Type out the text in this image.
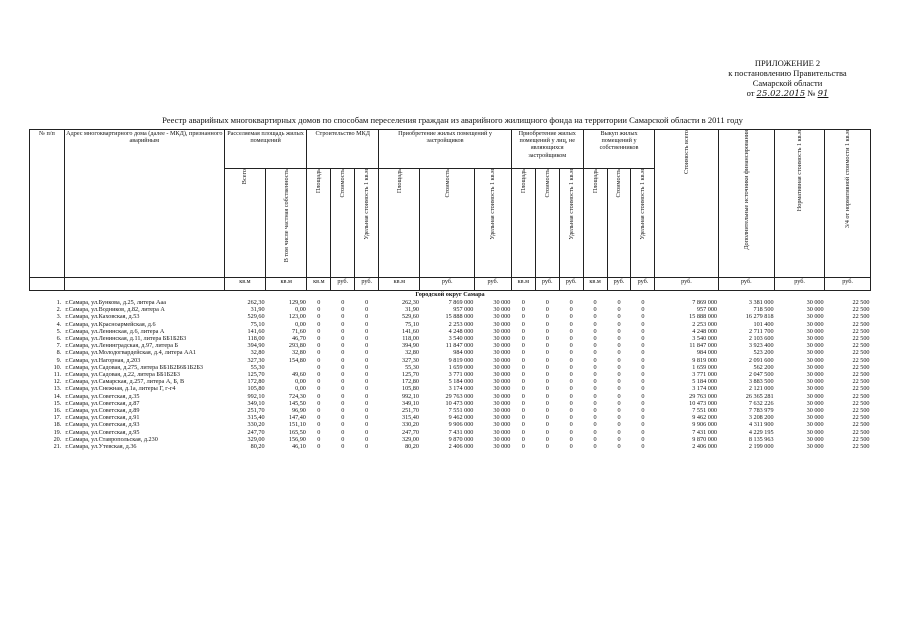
ПРИЛОЖЕНИЕ 2
к постановлению Правительства
Самарской области
от 25.02.2015 № 91
Реестр аварийных многоквартирных домов по способам переселения граждан из аварийного жилищного фонда на территории Самарской области в 2011 году
№ п/п	Адрес многоквартирного дома (далее - МКД), признанного аварийным	Расселяемая площадь жилых помещений		Строительство МКД			Приобретение жилых помещений у застройщиков			Приобретение жилых помещений у лиц, не являющихся застройщиком			Выкуп жилых помещений у собственников			Стоимость всего	Дополнительные источники финансирования	Нормативная стоимость 1 кв.м	3/4 от нормативной стоимости 1 кв.м
		Всего	В том числе частная собственность	Площадь	Стоимость	Удельная стоимость 1 кв.м	Площадь	Стоимость	Удельная стоимость 1 кв.м	Площадь	Стоимость	Удельная стоимость 1 кв.м	Площадь	Стоимость	Удельная стоимость 1 кв.м				
		кв.м	кв.м	кв.м	руб.	руб.	кв.м	руб.	руб.	кв.м	руб.	руб.	кв.м	руб.	руб.	руб.	руб.	руб.	руб.
Городской округ Самара																			
1.	г.Самара, ул.Бункова, д.25, литера Ааа	262,30	129,90	0	0	0	262,30	7 869 000	30 000	0	0	0	0	0	0	7 869 000	3 381 000	30 000	22 500
2.	г.Самара, ул.Водников, д.82, литера А	31,90	0,00	0	0	0	31,90	957 000	30 000	0	0	0	0	0	0	957 000	718 500	30 000	22 500
3.	г.Самара, ул.Каховская, д.53	529,60	123,00	0	0	0	529,60	15 888 000	30 000	0	0	0	0	0	0	15 888 000	16 279 818	30 000	22 500
4.	г.Самара, ул.Красноармейская, д.6	75,10	0,00	0	0	0	75,10	2 253 000	30 000	0	0	0	0	0	0	2 253 000	101 400	30 000	22 500
5.	г.Самара, ул.Ленинская, д.6, литера А	141,60	71,60	0	0	0	141,60	4 248 000	30 000	0	0	0	0	0	0	4 248 000	2 711 700	30 000	22 500
6.	г.Самара, ул.Ленинская, д.11, литера ББ1Б2Б3	118,00	46,70	0	0	0	118,00	3 540 000	30 000	0	0	0	0	0	0	3 540 000	2 103 600	30 000	22 500
7.	г.Самара, ул.Ленинградская, д.97, литера Б	394,90	293,80	0	0	0	394,90	11 847 000	30 000	0	0	0	0	0	0	11 847 000	3 923 400	30 000	22 500
8.	г.Самара, ул.Молодогвардейская, д.4, литера АА1	32,80	32,80	0	0	0	32,80	984 000	30 000	0	0	0	0	0	0	984 000	523 200	30 000	22 500
9.	г.Самара, ул.Нагорная, д.203	327,30	154,80	0	0	0	327,30	9 819 000	30 000	0	0	0	0	0	0	9 819 000	2 091 600	30 000	22 500
10.	г.Самара, ул.Садовая, д.275, литера ББ1Б2Б6Б1Б2Б3	55,30		0	0	0	55,30	1 659 000	30 000	0	0	0	0	0	0	1 659 000	562 200	30 000	22 500
11.	г.Самара, ул.Садовая, д.22, литера ББ1Б2Б3	125,70	49,60	0	0	0	125,70	3 771 000	30 000	0	0	0	0	0	0	3 771 000	2 047 500	30 000	22 500
12.	г.Самара, ул.Самарская, д.257, литера А, Б, В	172,80	0,00	0	0	0	172,80	5 184 000	30 000	0	0	0	0	0	0	5 184 000	3 883 500	30 000	22 500
13.	г.Самара, ул.Снежная, д.1а, литеры Г, г-г4	105,80	0,00	0	0	0	105,80	3 174 000	30 000	0	0	0	0	0	0	3 174 000	2 121 000	30 000	22 500
14.	г.Самара, ул.Советская, д.35	992,10	724,30	0	0	0	992,10	29 763 000	30 000	0	0	0	0	0	0	29 763 000	26 365 281	30 000	22 500
15.	г.Самара, ул.Советская, д.87	349,10	145,50	0	0	0	349,10	10 473 000	30 000	0	0	0	0	0	0	10 473 000	7 632 226	30 000	22 500
16.	г.Самара, ул.Советская, д.89	251,70	96,90	0	0	0	251,70	7 551 000	30 000	0	0	0	0	0	0	7 551 000	7 783 979	30 000	22 500
17.	г.Самара, ул.Советская, д.91	315,40	147,40	0	0	0	315,40	9 462 000	30 000	0	0	0	0	0	0	9 462 000	3 208 200	30 000	22 500
18.	г.Самара, ул.Советская, д.93	330,20	151,10	0	0	0	330,20	9 906 000	30 000	0	0	0	0	0	0	9 906 000	4 311 900	30 000	22 500
19.	г.Самара, ул.Советская, д.95	247,70	165,50	0	0	0	247,70	7 431 000	30 000	0	0	0	0	0	0	7 431 000	4 229 195	30 000	22 500
20.	г.Самара, ул.Ставропольская, д.230	329,00	156,90	0	0	0	329,00	9 870 000	30 000	0	0	0	0	0	0	9 870 000	8 135 963	30 000	22 500
21.	г.Самара, ул.Утевская, д.36	80,20	46,10	0	0	0	80,20	2 406 000	30 000	0	0	0	0	0	0	2 406 000	2 199 000	30 000	22 500
